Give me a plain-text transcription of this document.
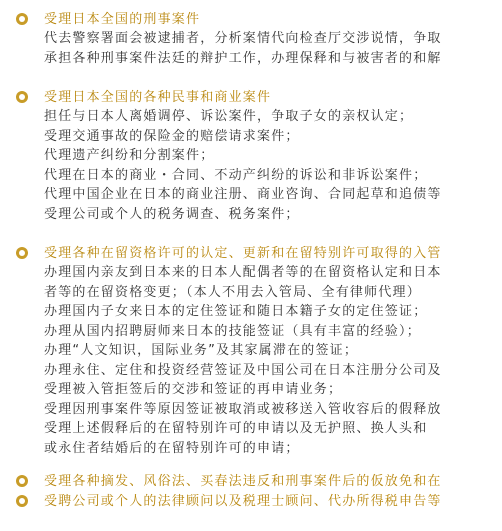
受理日本全国的刑事案件
代去警察署面会被逮捕者，分析案情代向检查厅交涉说情，争取
承担各种刑事案件法廷的辩护工作，办理保释和与被害者的和解
受理日本全国的各种民事和商业案件
担任与日本人离婚调停、诉讼案件，争取子女的亲权认定；
受理交通事故的保险金的赔偿请求案件；
代理遗产纠纷和分割案件；
代理在日本的商业・合同、不动产纠纷的诉讼和非诉讼案件；
代理中国企业在日本的商业注册、商业咨询、合同起草和追债等
受理公司或个人的税务调查、税务案件；
受理各种在留资格许可的认定、更新和在留特别许可取得的入管
办理国内亲友到日本来的日本人配偶者等的在留资格认定和日本
者等的在留资格变更；（本人不用去入管局、全有律师代理）
办理国内子女来日本的定住签证和随日本籍子女的定住签证；
办理从国内招聘厨师来日本的技能签证（具有丰富的经验）；
办理“人文知识，国际业务”及其家属滞在的签证；
办理永住、定住和投资经营签证及中国公司在日本注册分公司及
受理被入管拒签后的交涉和签证的再申请业务；
受理因刑事案件等原因签证被取消或被移送入管收容后的假释放
受理上述假释后的在留特别许可的申请以及无护照、换人头和
或永住者结婚后的在留特别许可的申请；
受理各种摘发、风俗法、买春法违反和刑事案件后的仮放免和在
受聘公司或个人的法律顾问以及税理士顾问、代办所得税申告等
